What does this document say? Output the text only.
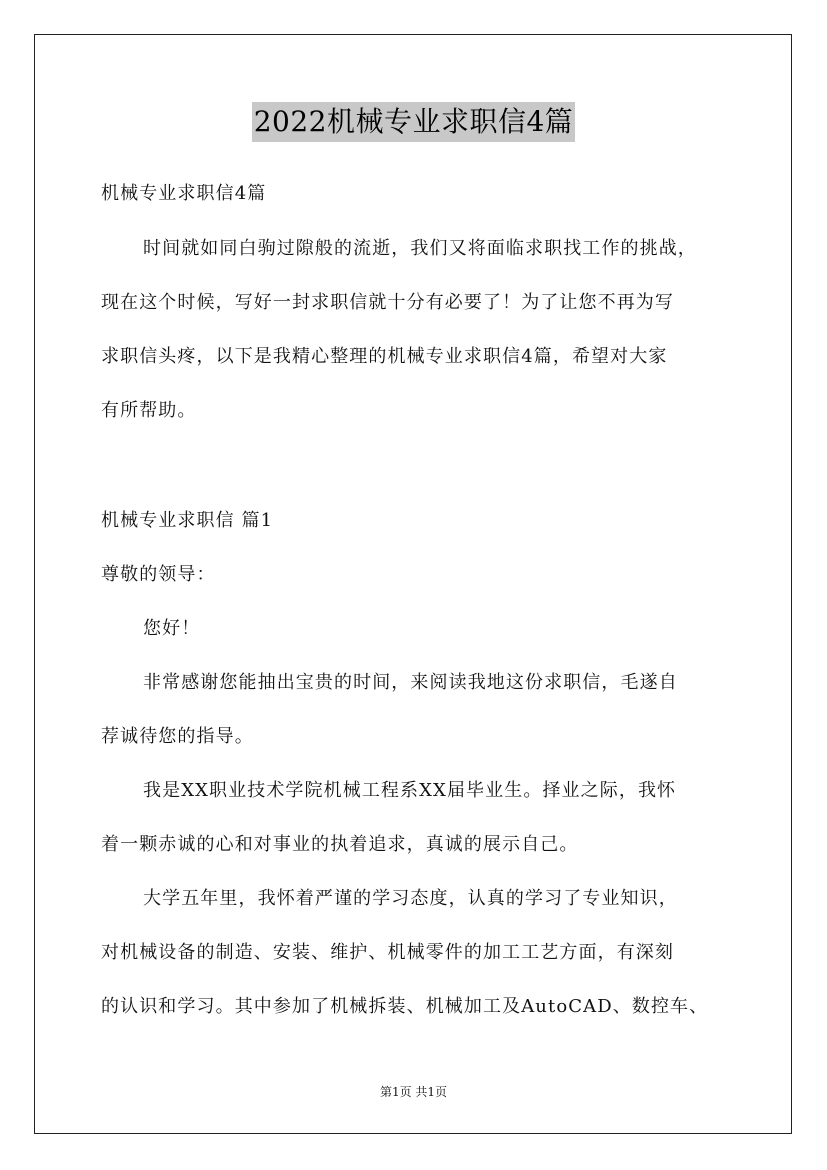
2022机械专业求职信4篇
机械专业求职信4篇
时间就如同白驹过隙般的流逝，我们又将面临求职找工作的挑战，
现在这个时候，写好一封求职信就十分有必要了！为了让您不再为写
求职信头疼，以下是我精心整理的机械专业求职信4篇，希望对大家
有所帮助。
机械专业求职信 篇1
尊敬的领导：
您好！
非常感谢您能抽出宝贵的时间，来阅读我地这份求职信，毛遂自
荐诚待您的指导。
我是XX职业技术学院机械工程系XX届毕业生。择业之际，我怀
着一颗赤诚的心和对事业的执着追求，真诚的展示自己。
大学五年里，我怀着严谨的学习态度，认真的学习了专业知识，
对机械设备的制造、安装、维护、机械零件的加工工艺方面，有深刻
的认识和学习。其中参加了机械拆装、机械加工及AutoCAD、数控车、
第1页 共1页
